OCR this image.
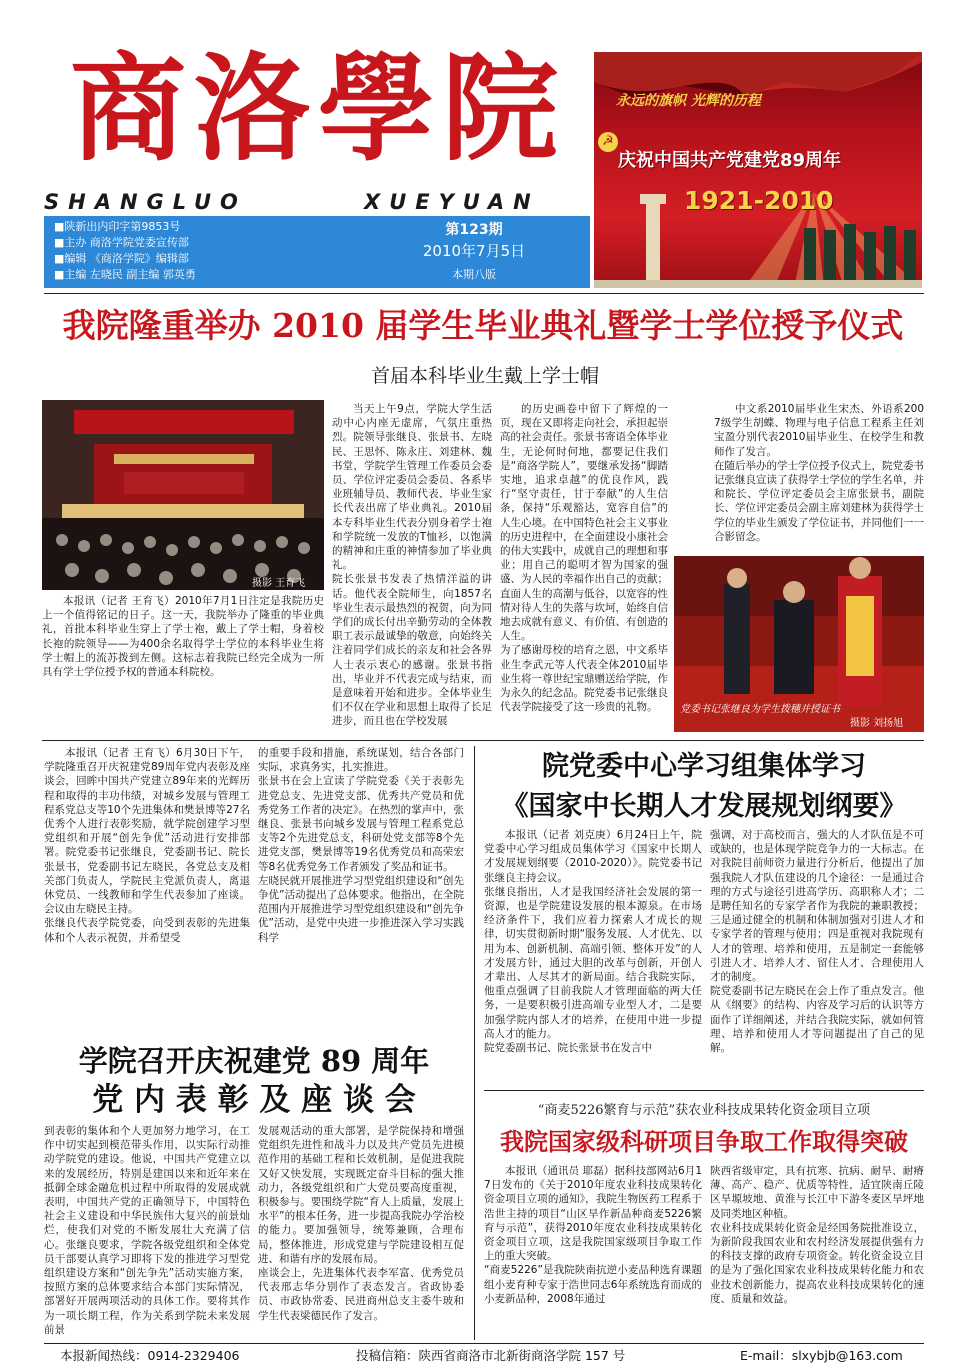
商洛學院
SHANGLUO	XUEYUAN
■陕新出内印字第9853号
■主办 商洛学院党委宣传部
■编辑 《商洛学院》编辑部
■主编 左晓民 副主编 郭英勇
第123期
2010年7月5日
本期八版
☭
永远的旗帜 光辉的历程
庆祝中国共产党建党89周年
1921-2010
我院隆重举办 2010 届学生毕业典礼暨学士学位授予仪式
首届本科毕业生戴上学士帽
摄影 王育飞
本报讯（记者 王育飞）2010年7月1日注定是我院历史上一个值得铭记的日子。这一天，我院举办了隆重的毕业典礼，首批本科毕业生穿上了学士袍，戴上了学士帽，身着校长袍的院领导——为400余名取得学士学位的本科毕业生将学士帽上的流苏拨到左侧。这标志着我院已经完全成为一所具有学士学位授予权的普通本科院校。
当天上午9点，学院大学生活动中心内座无虚席，气氛庄重热烈。院领导张继良、张景书、左晓民、王思怀、陈永庄、刘建林、魏书堂，学院学生管理工作委员会委员、学位评定委员会委员、各系毕业班辅导员、教师代表、毕业生家长代表出席了毕业典礼。2010届本专科毕业生代表分别身着学士袍和学院统一发放的T恤衫，以饱满的精神和庄重的神情参加了毕业典礼。
院长张景书发表了热情洋溢的讲话。他代表全院师生，向1857名毕业生表示最热烈的祝贺，向为同学们的成长付出辛勤劳动的全体教职工表示最诚挚的敬意，向始终关注着同学们成长的亲友和社会各界人士表示衷心的感谢。张景书指出，毕业并不代表完成与结束，而是意味着开始和进步。全体毕业生们不仅在学业和思想上取得了长足进步，而且也在学校发展
的历史画卷中留下了辉煌的一页，现在又即将走向社会，承担起崇高的社会责任。张景书寄语全体毕业生，无论何时何地，都要记住我们是“商洛学院人”，要继承发扬“脚踏实地，追求卓越”的优良作风，践行“坚守责任，甘于奉献”的人生信条，保持“乐观豁达，宽容自信”的人生心境。在中国特色社会主义事业的历史进程中，在全面建设小康社会的伟大实践中，成就自己的理想和事业；用自己的聪明才智为国家的强盛、为人民的幸福作出自己的贡献；直面人生的高潮与低谷，以宽容的性情对待人生的失落与坎坷，始终自信地去成就有意义、有价值、有创造的人生。
为了感谢母校的培育之恩，中文系毕业生李武元等人代表全体2010届毕业生将一尊世纪宝鼎赠送给学院，作为永久的纪念品。院党委书记张继良代表学院接受了这一珍贵的礼物。
中文系2010届毕业生宋杰、外语系2007级学生胡蝶、物理与电子信息工程系主任刘宝盈分别代表2010届毕业生、在校学生和教师作了发言。
在随后举办的学士学位授予仪式上，院党委书记张继良宣读了获得学士学位的学生名单，并和院长、学位评定委员会主席张景书，副院长、学位评定委员会副主席刘建林为获得学士学位的毕业生颁发了学位证书，并同他们一一合影留念。
党委书记张继良为学生拨穗并授证书
摄影 刘扬旭
本报讯（记者 王育飞）6月30日下午，学院隆重召开庆祝建党89周年党内表彰及座谈会，回眸中国共产党建立89年来的光辉历程和取得的丰功伟绩，对城乡发展与管理工程系党总支等10个先进集体和樊景博等27名优秀个人进行表彰奖励，就学院创建学习型党组织和开展“创先争优”活动进行安排部署。院党委书记张继良，党委副书记、院长张景书，党委副书记左晓民，各党总支及相关部门负责人，学院民主党派负责人，离退休党员、一线教师和学生代表参加了座谈。会议由左晓民主持。
张继良代表学院党委，向受到表彰的先进集体和个人表示祝贺，并希望受
的重要手段和措施，系统谋划，结合各部门实际，求真务实，扎实推进。
张景书在会上宣读了学院党委《关于表彰先进党总支、先进党支部、优秀共产党员和优秀党务工作者的决定》。在热烈的掌声中，张继良、张景书向城乡发展与管理工程系党总支等2个先进党总支，科研处党支部等8个先进党支部，樊景博等19名优秀党员和高荣宏等8名优秀党务工作者颁发了奖品和证书。
左晓民就开展推进学习型党组织建设和“创先争优”活动提出了总体要求。他指出，在全院范围内开展推进学习型党组织建设和“创先争优”活动，是党中央进一步推进深入学习实践科学
学院召开庆祝建党 89 周年
党 内 表 彰 及 座 谈 会
到表彰的集体和个人更加努力地学习，在工作中切实起到模范带头作用，以实际行动推动学院党的建设。他说，中国共产党建立以来的发展经历，特别是建国以来和近年来在抵御全球金融危机过程中所取得的发展成就表明，中国共产党的正确领导下，中国特色社会主义建设和中华民族伟大复兴的前景灿烂，使我们对党的不断发展壮大充满了信心。张继良要求，学院各级党组织和全体党员干部要认真学习即将下发的推进学习型党组织建设方案和“创先争先”活动实施方案，按照方案的总体要求结合本部门实际情况，部署好开展两项活动的具体工作。要将其作为一项长期工程，作为关系到学院未来发展前景
发展观活动的重大部署，是学院保持和增强党组织先进性和战斗力以及共产党员先进模范作用的基础工程和长效机制，是促进我院又好又快发展，实现既定奋斗目标的强大推动力，各级党组织和广大党员要高度重视，积极参与。要围绕学院“育人上质量，发展上水平”的根本任务，进一步提高我院办学治校的能力。要加强领导，统筹兼顾，合理布局，整体推进，形成党建与学院建设相互促进、和谐有序的发展布局。
座谈会上，先进集体代表李军富、优秀党员代表邢志华分别作了表态发言。省政协委员、市政协常委、民进商州总支主委牛玻和学生代表梁德民作了发言。
院党委中心学习组集体学习
《国家中长期人才发展规划纲要》
本报讯（记者 刘克庚）6月24日上午，院党委中心学习组成员集体学习《国家中长期人才发展规划纲要（2010-2020）》。院党委书记张继良主持会议。
张继良指出，人才是我国经济社会发展的第一资源，也是学院建设发展的根本源泉。在市场经济条件下，我们应着力探索人才成长的规律，切实贯彻新时期“服务发展、人才优先、以用为本、创新机制、高端引领、整体开发”的人才发展方针，通过大胆的改革与创新，开创人才辈出、人尽其才的新局面。结合我院实际，他重点强调了目前我院人才管理面临的两大任务，一是要积极引进高端专业型人才，二是要加强学院内部人才的培养，在使用中进一步提高人才的能力。
院党委副书记、院长张景书在发言中
强调，对于高校而言，强大的人才队伍是不可或缺的，也是体现学院竞争力的一大标志。在对我院目前师资力量进行分析后，他提出了加强我院人才队伍建设的几个途径：一是通过合理的方式与途径引进高学历、高职称人才；二是聘任知名的专家学者作为我院的兼职教授；三是通过健全的机制和体制加强对引进人才和专家学者的管理与使用；四是重视对我院现有人才的管理、培养和使用，五是制定一套能够引进人才、培养人才、留住人才、合理使用人才的制度。
院党委副书记左晓民在会上作了重点发言。他从《纲要》的结构、内容及学习后的认识等方面作了详细阐述，并结合我院实际，就如何管理、培养和使用人才等问题提出了自己的见解。
“商麦5226繁育与示范”获农业科技成果转化资金项目立项
我院国家级科研项目争取工作取得突破
本报讯（通讯员 耶磊）据科技部网站6月17日发布的《关于2010年度农业科技成果转化资金项目立项的通知》，我院生物医药工程系于浩世主持的项目“山区旱作新品种商麦5226繁育与示范”，获得2010年度农业科技成果转化资金项目立项，这是我院国家级项目争取工作上的重大突破。
“商麦5226”是我院陕南抗逆小麦品种选育课题组小麦育种专家于浩世同志6年系统选育而成的小麦新品种，2008年通过
陕西省级审定，具有抗寒、抗病、耐旱、耐瘠薄、高产、稳产、优质等特性，适宜陕南丘陵区旱塬坡地、黄淮与长江中下游冬麦区旱坪地及同类地区种植。
农业科技成果转化资金是经国务院批准设立，为新阶段我国农业和农村经济发展提供强有力的科技支撑的政府专项资金。转化资金设立目的是为了强化国家农业科技成果转化能力和农业技术创新能力，提高农业科技成果转化的速度、质量和效益。
本报新闻热线：0914-2329406	投稿信箱：陕西省商洛市北新街商洛学院 157 号	E-mail：slxybjb@163.com
